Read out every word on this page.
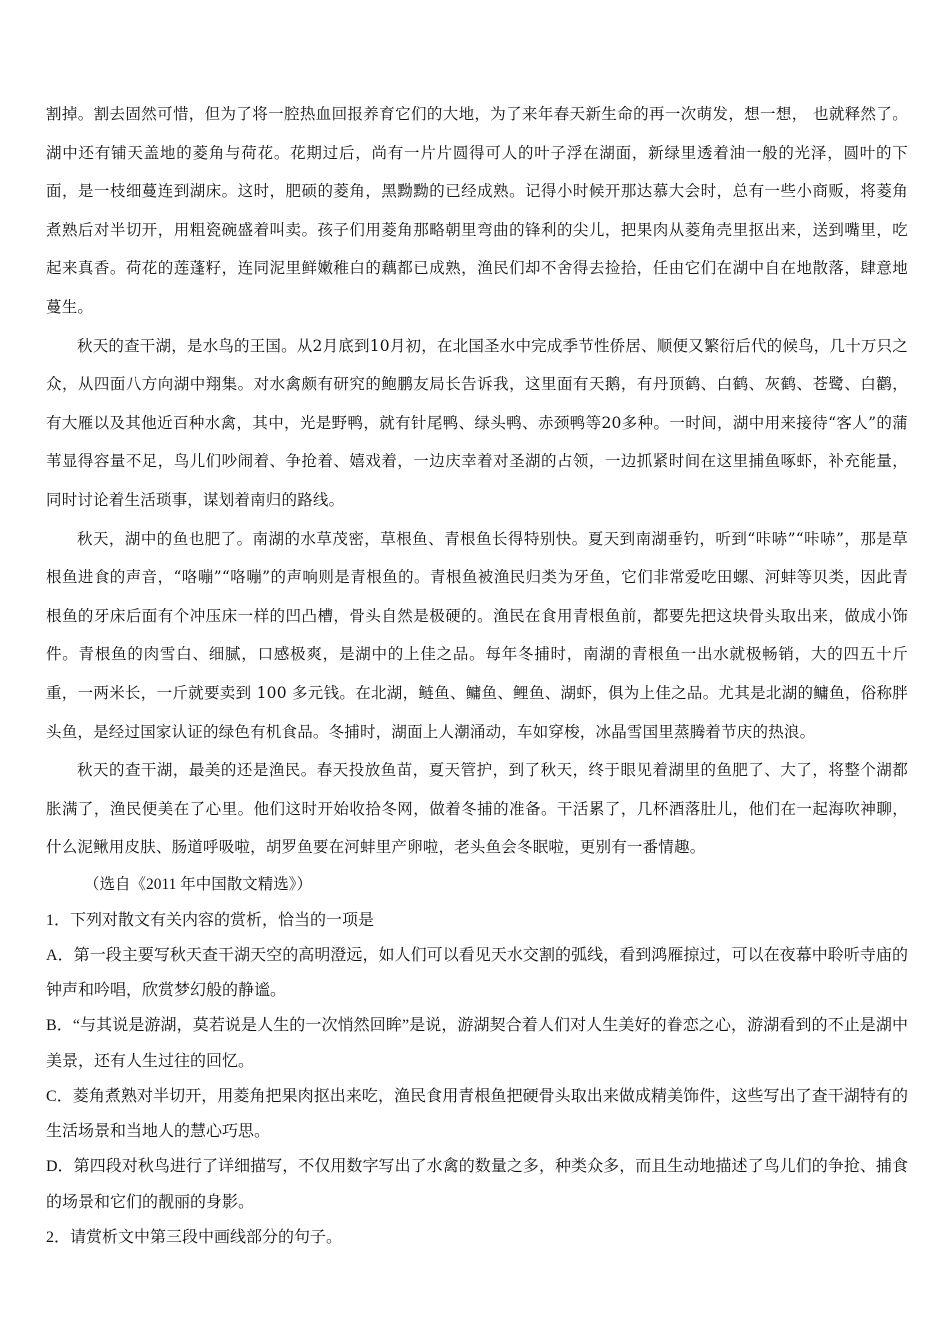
割掉。割去固然可惜，但为了将一腔热血回报养育它们的大地，为了来年春天新生命的再一次萌发，想一想， 也就释然了。湖中还有铺天盖地的菱角与荷花。花期过后，尚有一片片圆得可人的叶子浮在湖面，新绿里透着油一般的光泽，圆叶的下面，是一枝细蔓连到湖床。这时，肥硕的菱角，黑黝黝的已经成熟。记得小时候开那达慕大会时，总有一些小商贩，将菱角煮熟后对半切开，用粗瓷碗盛着叫卖。孩子们用菱角那略朝里弯曲的锋利的尖儿，把果肉从菱角壳里抠出来，送到嘴里，吃起来真香。荷花的莲蓬籽，连同泥里鲜嫩稚白的藕都已成熟，渔民们却不舍得去捡拾，任由它们在湖中自在地散落，肆意地蔓生。

秋天的查干湖，是水鸟的王国。从2月底到10月初，在北国圣水中完成季节性侨居、顺便又繁衍后代的候鸟，几十万只之众，从四面八方向湖中翔集。对水禽颇有研究的鲍鹏友局长告诉我，这里面有天鹅，有丹顶鹤、白鹤、灰鹤、苍鹭、白鹳，有大雁以及其他近百种水禽，其中，光是野鸭，就有针尾鸭、绿头鸭、赤颈鸭等20多种。一时间，湖中用来接待“客人”的蒲苇显得容量不足，鸟儿们吵闹着、争抢着、嬉戏着，一边庆幸着对圣湖的占领，一边抓紧时间在这里捕鱼啄虾，补充能量，同时讨论着生活琐事，谋划着南归的路线。

秋天，湖中的鱼也肥了。南湖的水草茂密，草根鱼、青根鱼长得特别快。夏天到南湖垂钓，听到“咔哧”“咔哧”，那是草根鱼进食的声音，“咯嘣”“咯嘣”的声响则是青根鱼的。青根鱼被渔民归类为牙鱼，它们非常爱吃田螺、河蚌等贝类，因此青根鱼的牙床后面有个冲压床一样的凹凸槽，骨头自然是极硬的。渔民在食用青根鱼前，都要先把这块骨头取出来，做成小饰件。青根鱼的肉雪白、细腻，口感极爽，是湖中的上佳之品。每年冬捕时，南湖的青根鱼一出水就极畅销，大的四五十斤重，一两米长，一斤就要卖到 100 多元钱。在北湖，鲢鱼、鳙鱼、鲤鱼、湖虾，俱为上佳之品。尤其是北湖的鳙鱼，俗称胖头鱼，是经过国家认证的绿色有机食品。冬捕时，湖面上人潮涌动，车如穿梭，冰晶雪国里蒸腾着节庆的热浪。

秋天的查干湖，最美的还是渔民。春天投放鱼苗，夏天管护，到了秋天，终于眼见着湖里的鱼肥了、大了，将整个湖都胀满了，渔民便美在了心里。他们这时开始收拾冬网，做着冬捕的准备。干活累了，几杯酒落肚儿，他们在一起海吹神聊，什么泥鳅用皮肤、肠道呼吸啦，胡罗鱼要在河蚌里产卵啦，老头鱼会冬眠啦，更别有一番情趣。

（选自《2011 年中国散文精选》）

1．下列对散文有关内容的赏析，恰当的一项是

A．第一段主要写秋天查干湖天空的高明澄远，如人们可以看见天水交割的弧线，看到鸿雁掠过，可以在夜幕中聆听寺庙的钟声和吟唱，欣赏梦幻般的静谧。

B．“与其说是游湖，莫若说是人生的一次悄然回眸”是说，游湖契合着人们对人生美好的眷恋之心，游湖看到的不止是湖中美景，还有人生过往的回忆。

C．菱角煮熟对半切开，用菱角把果肉抠出来吃，渔民食用青根鱼把硬骨头取出来做成精美饰件，这些写出了查干湖特有的生活场景和当地人的慧心巧思。

D．第四段对秋鸟进行了详细描写，不仅用数字写出了水禽的数量之多，种类众多，而且生动地描述了鸟儿们的争抢、捕食的场景和它们的靓丽的身影。

2．请赏析文中第三段中画线部分的句子。
